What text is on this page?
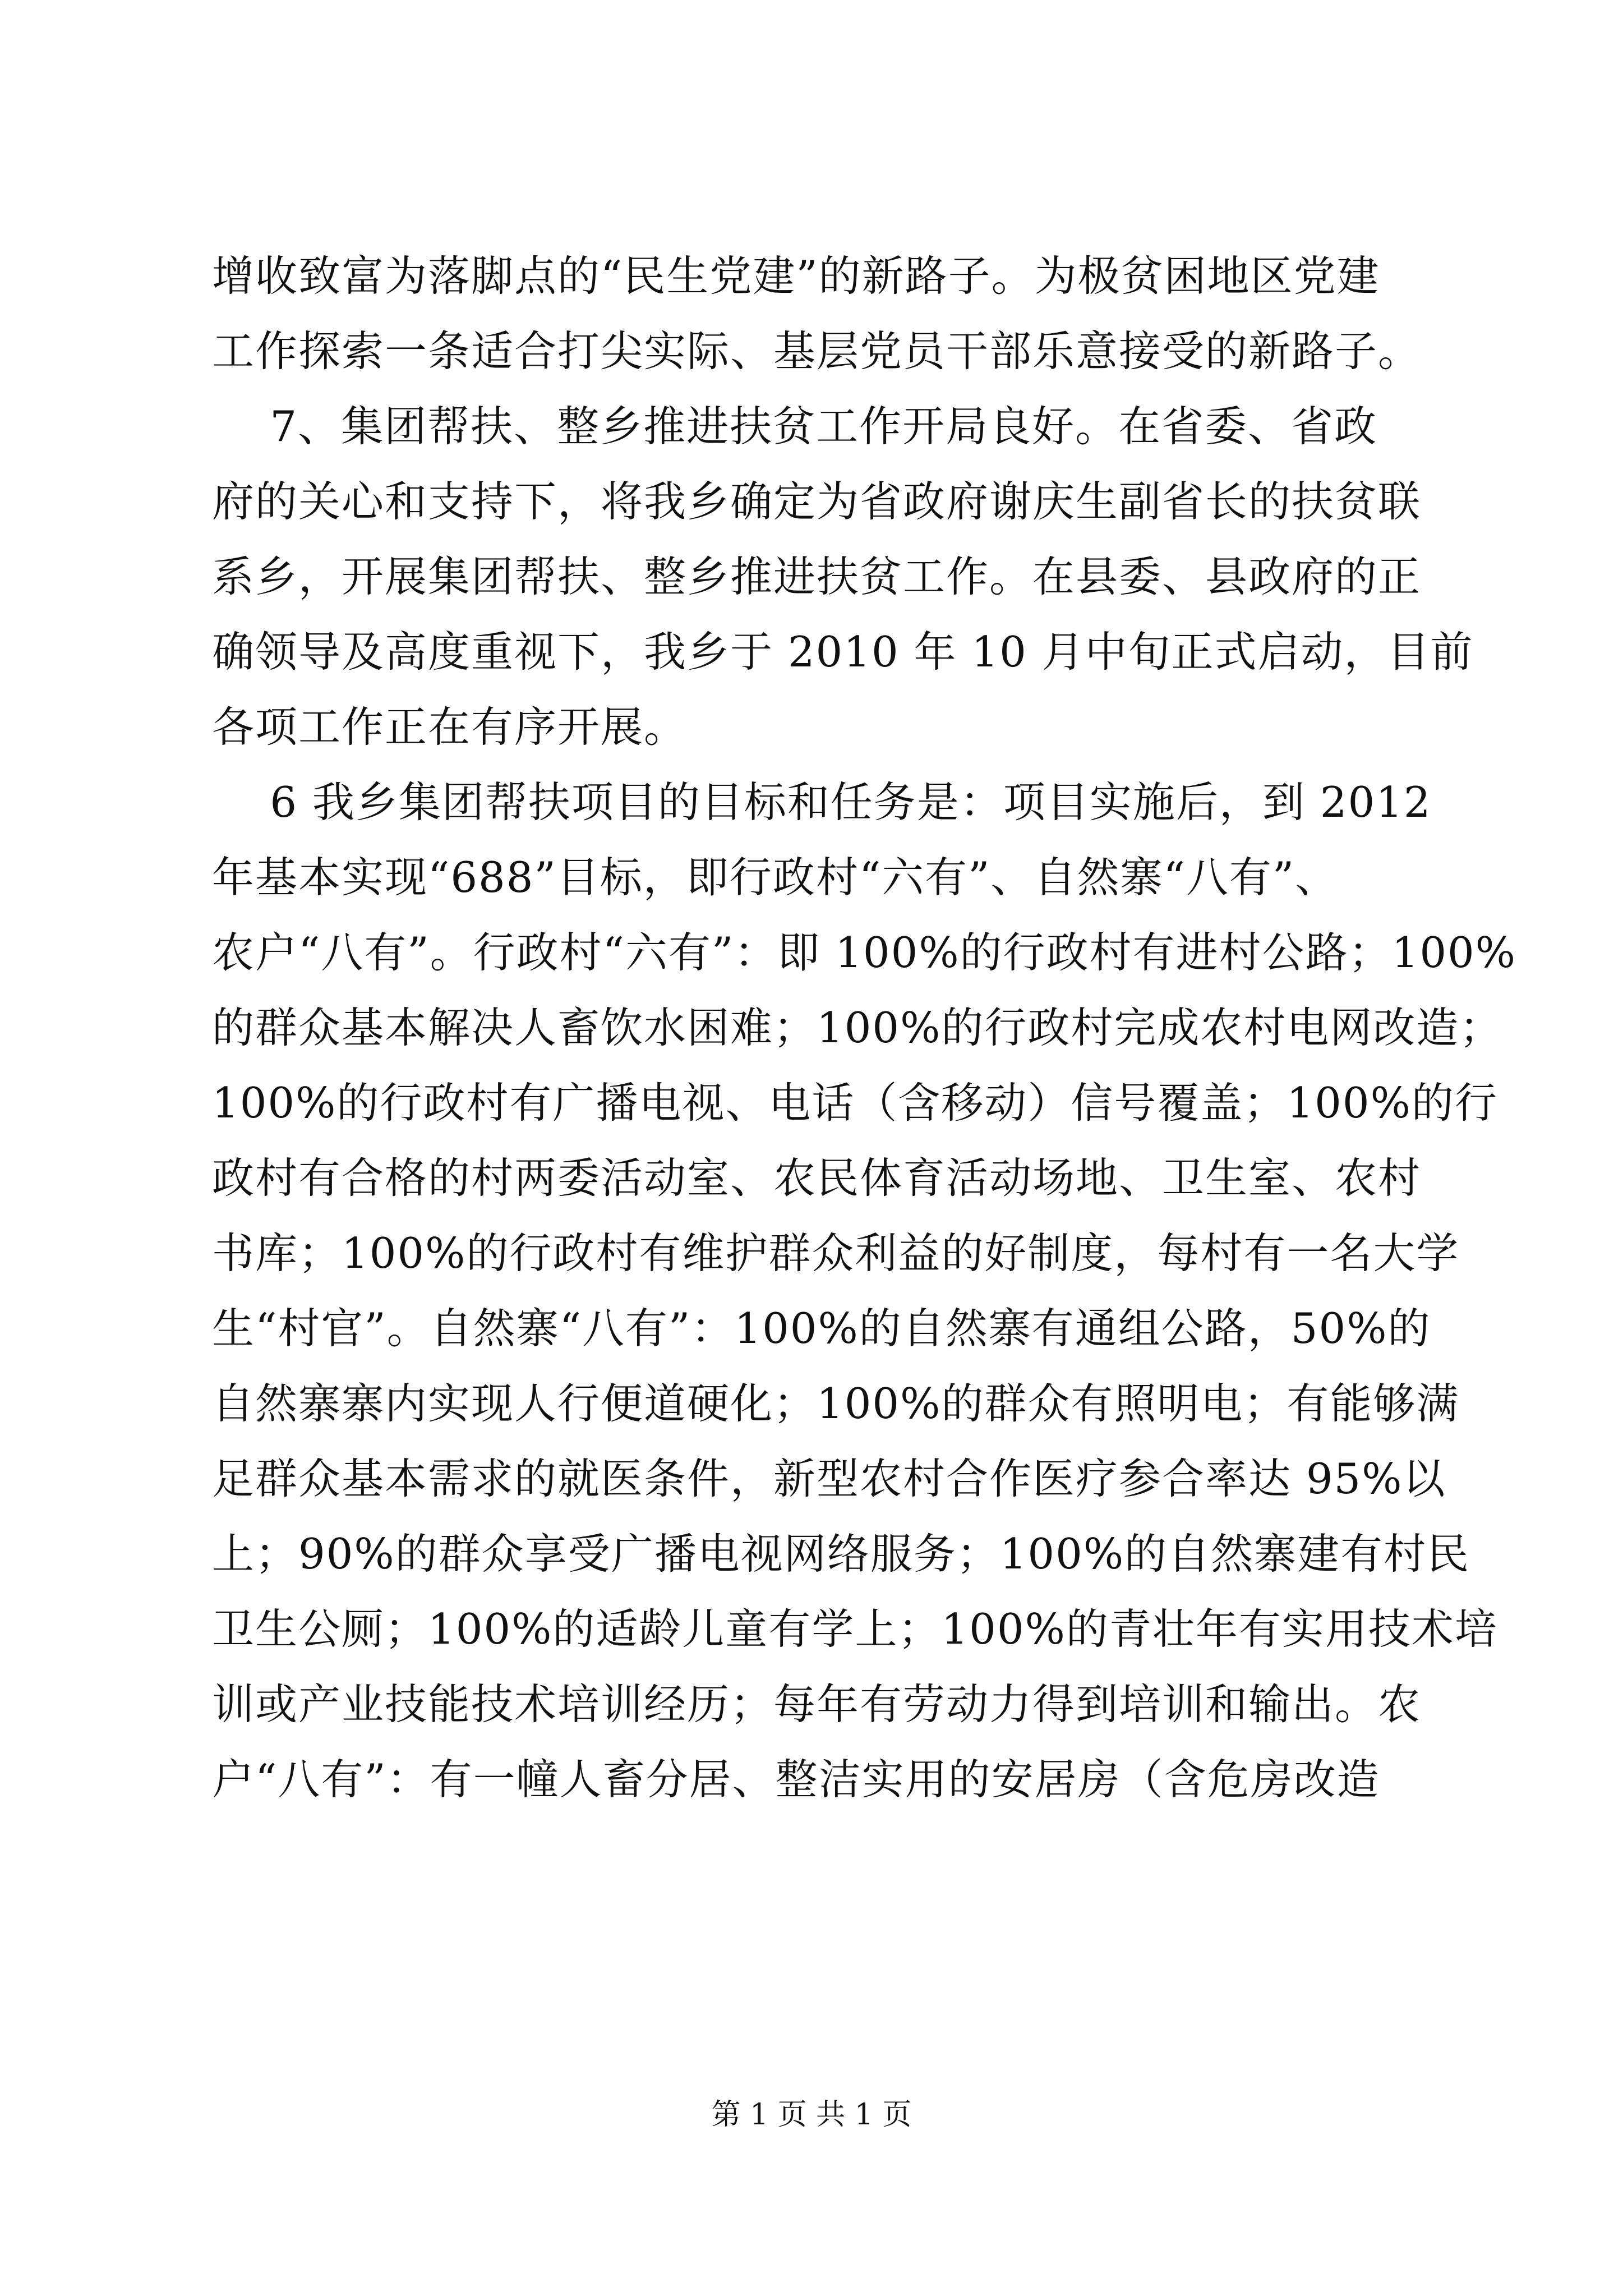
增收致富为落脚点的“民生党建”的新路子。为极贫困地区党建
工作探索一条适合打尖实际、基层党员干部乐意接受的新路子。
7、集团帮扶、整乡推进扶贫工作开局良好。在省委、省政
府的关心和支持下，将我乡确定为省政府谢庆生副省长的扶贫联
系乡，开展集团帮扶、整乡推进扶贫工作。在县委、县政府的正
确领导及高度重视下，我乡于 2010 年 10 月中旬正式启动，目前
各项工作正在有序开展。
6 我乡集团帮扶项目的目标和任务是：项目实施后，到 2012
年基本实现“688”目标，即行政村“六有”、自然寨“八有”、
农户“八有”。行政村“六有”：即 100%的行政村有进村公路；100%
的群众基本解决人畜饮水困难；100%的行政村完成农村电网改造；
100%的行政村有广播电视、电话（含移动）信号覆盖；100%的行
政村有合格的村两委活动室、农民体育活动场地、卫生室、农村
书库；100%的行政村有维护群众利益的好制度，每村有一名大学
生“村官”。自然寨“八有”：100%的自然寨有通组公路，50%的
自然寨寨内实现人行便道硬化；100%的群众有照明电；有能够满
足群众基本需求的就医条件，新型农村合作医疗参合率达 95%以
上；90%的群众享受广播电视网络服务；100%的自然寨建有村民
卫生公厕；100%的适龄儿童有学上；100%的青壮年有实用技术培
训或产业技能技术培训经历；每年有劳动力得到培训和输出。农
户“八有”：有一幢人畜分居、整洁实用的安居房（含危房改造
第 1 页 共 1 页
